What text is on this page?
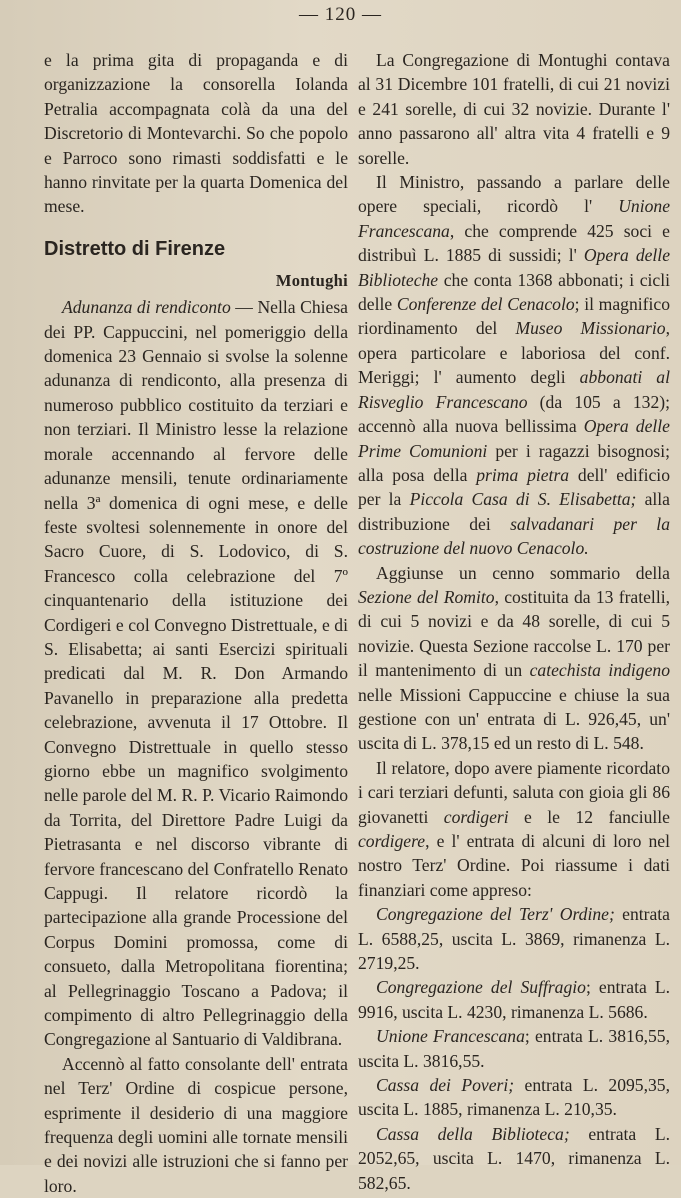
— 120 —

e la prima gita di propaganda e di organizzazione la consorella Iolanda Petralia accompagnata colà da una del Discretorio di Montevarchi. So che popolo e Parroco sono rimasti soddisfatti e le hanno rinvitate per la quarta Domenica del mese.

Distretto di Firenze
Montughi

Adunanza di rendiconto — Nella Chiesa dei PP. Cappuccini, nel pomeriggio della domenica 23 Gennaio si svolse la solenne adunanza di rendiconto, alla presenza di numeroso pubblico costituito da terziari e non terziari. Il Ministro lesse la relazione morale accennando al fervore delle adunanze mensili, tenute ordinariamente nella 3ª domenica di ogni mese, e delle feste svoltesi solennemente in onore del Sacro Cuore, di S. Lodovico, di S. Francesco colla celebrazione del 7º cinquantenario della istituzione dei Cordigeri e col Convegno Distrettuale, e di S. Elisabetta; ai santi Esercizi spirituali predicati dal M. R. Don Armando Pavanello in preparazione alla predetta celebrazione, avvenuta il 17 Ottobre. Il Convegno Distrettuale in quello stesso giorno ebbe un magnifico svolgimento nelle parole del M. R. P. Vicario Raimondo da Torrita, del Direttore Padre Luigi da Pietrasanta e nel discorso vibrante di fervore francescano del Confratello Renato Cappugi. Il relatore ricordò la partecipazione alla grande Processione del Corpus Domini promossa, come di consueto, dalla Metropolitana fiorentina; al Pellegrinaggio Toscano a Padova; il compimento di altro Pellegrinaggio della Congregazione al Santuario di Valdibrana.

Accennò al fatto consolante dell' entrata nel Terz' Ordine di cospicue persone, esprimente il desiderio di una maggiore frequenza degli uomini alle tornate mensili e dei novizi alle istruzioni che si fanno per loro.

La Congregazione di Montughi contava al 31 Dicembre 101 fratelli, di cui 21 novizi e 241 sorelle, di cui 32 novizie. Durante l' anno passarono all' altra vita 4 fratelli e 9 sorelle.

Il Ministro, passando a parlare delle opere speciali, ricordò l' Unione Francescana, che comprende 425 soci e distribuì L. 1885 di sussidi; l' Opera delle Biblioteche che conta 1368 abbonati; i cicli delle Conferenze del Cenacolo; il magnifico riordinamento del Museo Missionario, opera particolare e laboriosa del conf. Meriggi; l' aumento degli abbonati al Risveglio Francescano (da 105 a 132); accennò alla nuova bellissima Opera delle Prime Comunioni per i ragazzi bisognosi; alla posa della prima pietra dell' edificio per la Piccola Casa di S. Elisabetta; alla distribuzione dei salvadanari per la costruzione del nuovo Cenacolo.

Aggiunse un cenno sommario della Sezione del Romito, costituita da 13 fratelli, di cui 5 novizi e da 48 sorelle, di cui 5 novizie. Questa Sezione raccolse L. 170 per il mantenimento di un catechista indigeno nelle Missioni Cappuccine e chiuse la sua gestione con un' entrata di L. 926,45, un' uscita di L. 378,15 ed un resto di L. 548.

Il relatore, dopo avere piamente ricordato i cari terziari defunti, saluta con gioia gli 86 giovanetti cordigeri e le 12 fanciulle cordigere, e l' entrata di alcuni di loro nel nostro Terz' Ordine. Poi riassume i dati finanziari come appreso:

Congregazione del Terz' Ordine; entrata L. 6588,25, uscita L. 3869, rimanenza L. 2719,25.

Congregazione del Suffragio; entrata L. 9916, uscita L. 4230, rimanenza L. 5686.

Unione Francescana; entrata L. 3816,55, uscita L. 3816,55.

Cassa dei Poveri; entrata L. 2095,35, uscita L. 1885, rimanenza L. 210,35.

Cassa della Biblioteca; entrata L. 2052,65, uscita L. 1470, rimanenza L. 582,65.
